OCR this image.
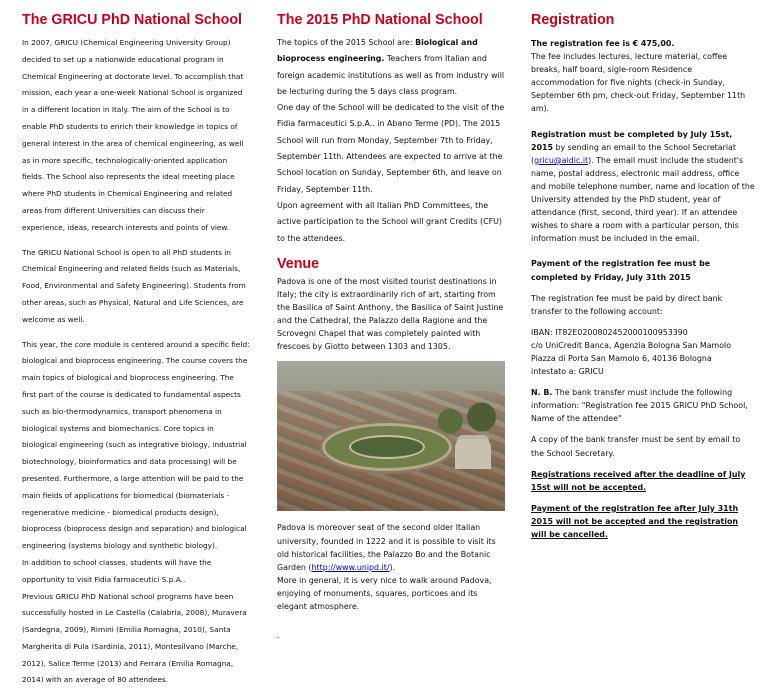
The GRICU PhD National School

In 2007, GRICU (Chemical Engineering University Group) decided to set up a nationwide educational program in Chemical Engineering at doctorate level. To accomplish that mission, each year a one-week National School is organized in a different location in Italy. The aim of the School is to enable PhD students to enrich their knowledge in topics of general interest in the area of chemical engineering, as well as in more specific, technologically-oriented application fields. The School also represents the ideal meeting place where PhD students in Chemical Engineering and related areas from different Universities can discuss their experience, ideas, research interests and points of view.

The GRICU National School is open to all PhD students in Chemical Engineering and related fields (such as Materials, Food, Environmental and Safety Engineering). Students from other areas, such as Physical, Natural and Life Sciences, are welcome as well.

This year, the core module is centered around a specific field: biological and bioprocess engineering. The course covers the main topics of biological and bioprocess engineering. The first part of the course is dedicated to fundamental aspects such as bio-thermodynamics, transport phenomena in biological systems and biomechanics. Core topics in biological engineering (such as integrative biology, industrial biotechnology, bioinformatics and data processing) will be presented. Furthermore, a large attention will be paid to the main fields of applications for biomedical (biomaterials - regenerative medicine - biomedical products design), bioprocess (bioprocess design and separation) and biological engineering (systems biology and synthetic biology).

In addition to school classes, students will have the opportunity to visit Fidia farmaceutici S.p.A..

Previous GRICU PhD National school programs have been successfully hosted in Le Castella (Calabria, 2008), Muravera (Sardegna, 2009), Rimini (Emilia Romagna, 2010), Santa Margherita di Pula (Sardinia, 2011), Montesilvano (Marche, 2012), Salice Terme (2013) and Ferrara (Emilia Romagna, 2014) with an average of 80 attendees.

The 2015 PhD National School

The topics of the 2015 School are: Biological and bioprocess engineering. Teachers from Italian and foreign academic institutions as well as from industry will be lecturing during the 5 days class program.

One day of the School will be dedicated to the visit of the Fidia farmaceutici S.p.A.. in Abano Terme (PD). The 2015 School will run from Monday, September 7th to Friday, September 11th. Attendees are expected to arrive at the School location on Sunday, September 6th, and leave on Friday, September 11th.

Upon agreement with all Italian PhD Committees, the active participation to the School will grant Credits (CFU) to the attendees.

Venue

Padova is one of the most visited tourist destinations in Italy; the city is extraordinarily rich of art, starting from the Basilica of Saint Anthony, the Basilica of Saint Justine and the Cathedral, the Palazzo della Ragione and the Scrovegni Chapel that was completely painted with frescoes by Giotto between 1303 and 1305.

Padova is moreover seat of the second older Italian university, founded in 1222 and it is possible to visit its old historical facilities, the Palazzo Bo and the Botanic Garden (http://www.unipd.it/).

More in general, it is very nice to walk around Padova, enjoying of monuments, squares, porticoes and its elegant atmosphere.

.

Registration

The registration fee is € 475,00.

The fee includes lectures, lecture material, coffee breaks, half board, sigle-room Residence accommodation for five nights (check-in Sunday, September 6th pm, check-out Friday, September 11th am).

Registration must be completed by July 15st, 2015 by sending an email to the School Secretariat (gricu@aidic.it). The email must include the student's name, postal address, electronic mail address, office and mobile telephone number, name and location of the University attended by the PhD student, year of attendance (first, second, third year). If an attendee wishes to share a room with a particular person, this information must be included in the email.

Payment of the registration fee must be completed by Friday, July 31th 2015

The registration fee must be paid by direct bank transfer to the following account:

IBAN: IT82E0200802452000100953390

c/o UniCredit Banca, Agenzia Bologna San Mamolo

Piazza di Porta San Mamolo 6, 40136 Bologna

intestato a: GRICU

N. B. The bank transfer must include the following information: "Registration fee 2015 GRICU PhD School, Name of the attendee"

A copy of the bank transfer must be sent by email to the School Secretary.

Registrations received after the deadline of July 15st will not be accepted.

Payment of the registration fee after July 31th 2015 will not be accepted and the registration will be cancelled.
